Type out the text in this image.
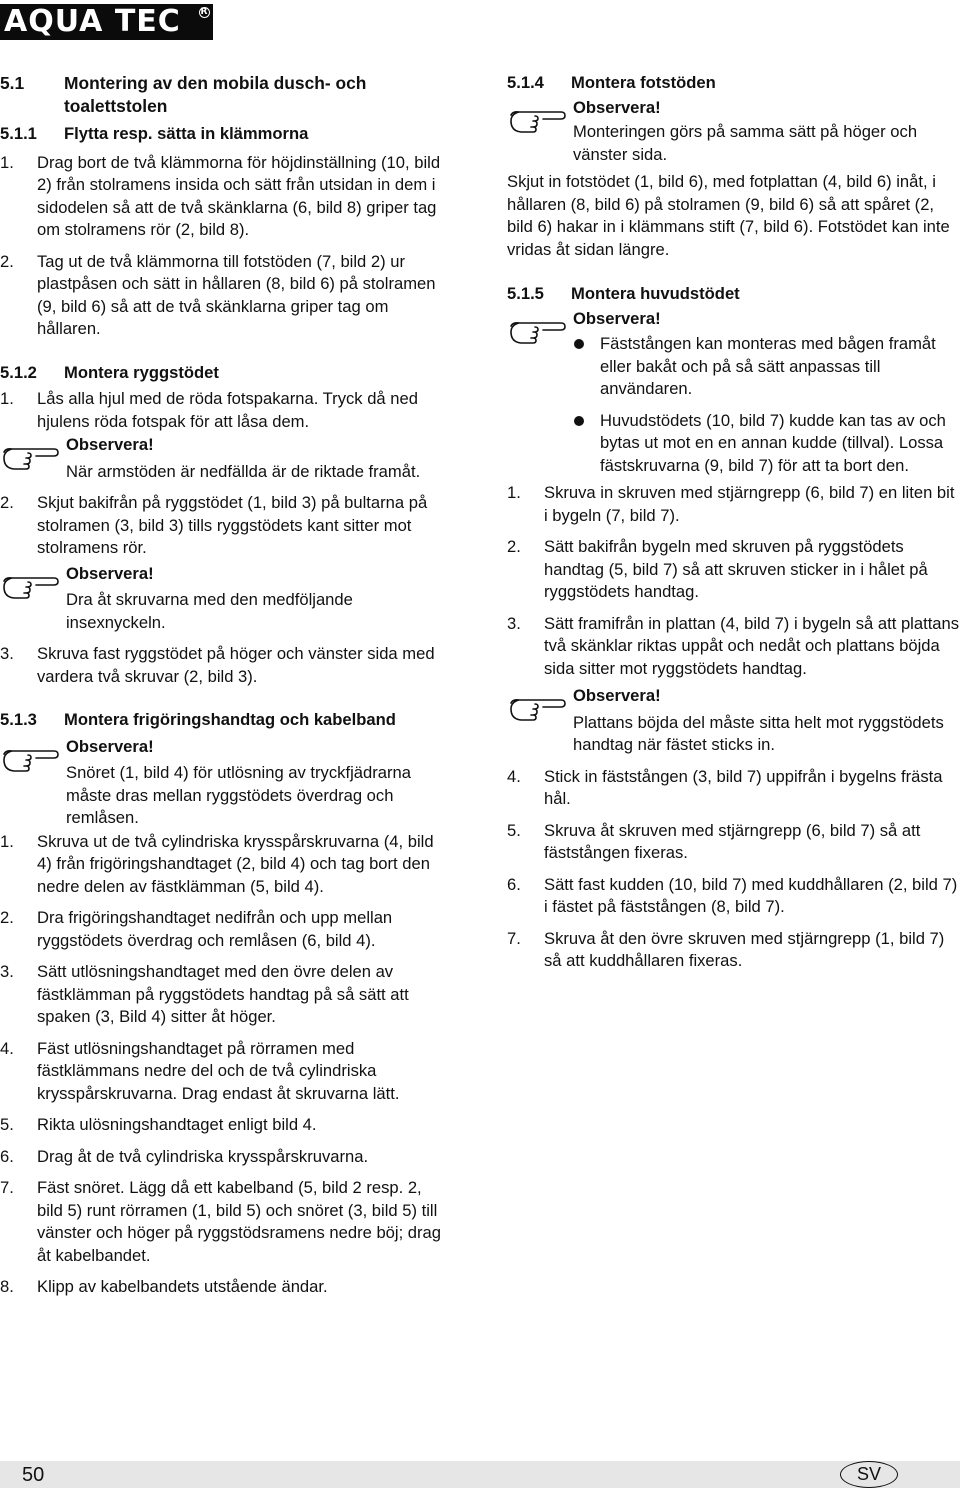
AQUA TEC R
5.1	Montering av den mobila dusch- och toalettstolen
5.1.1	Flytta resp. sätta in klämmorna
1.	Drag bort de två klämmorna för höjdinställning (10, bild 2) från stolramens insida och sätt från utsidan in dem i sidodelen så att de två skänklarna (6, bild 8) griper tag om stolramens rör (2, bild 8).
2.	Tag ut de två klämmorna till fotstöden (7, bild 2) ur plastpåsen och sätt in hållaren (8, bild 6) på stolramen (9, bild 6) så att de två skänklarna griper tag om hållaren.
5.1.2	Montera ryggstödet
1.	Lås alla hjul med de röda fotspakarna. Tryck då ned hjulens röda fotspak för att låsa dem.
Observera!
När armstöden är nedfällda är de riktade framåt.
2.	Skjut bakifrån på ryggstödet (1, bild 3) på bultarna på stolramen (3, bild 3) tills ryggstödets kant sitter mot stolramens rör.
Observera!
Dra åt skruvarna med den medföljande insexnyckeln.
3.	Skruva fast ryggstödet på höger och vänster sida med vardera två skruvar (2, bild 3).
5.1.3	Montera frigöringshandtag och kabelband
Observera!
Snöret (1, bild 4) för utlösning av tryckfjädrarna måste dras mellan ryggstödets överdrag och remlåsen.
1.	Skruva ut de två cylindriska krysspårskruvarna (4, bild 4) från frigöringshandtaget (2, bild 4) och tag bort den nedre delen av fästklämman (5, bild 4).
2.	Dra frigöringshandtaget nedifrån och upp mellan ryggstödets överdrag och remlåsen (6, bild 4).
3.	Sätt utlösningshandtaget med den övre delen av fästklämman på ryggstödets handtag på så sätt att spaken (3, Bild 4) sitter åt höger.
4.	Fäst utlösningshandtaget på rörramen med fästklämmans nedre del och de två cylindriska krysspårskruvarna. Drag endast åt skruvarna lätt.
5.	Rikta ulösningshandtaget enligt bild 4.
6.	Drag åt de två cylindriska krysspårskruvarna.
7.	Fäst snöret. Lägg då ett kabelband (5, bild 2 resp. 2, bild 5) runt rörramen (1, bild 5) och snöret (3, bild 5) till vänster och höger på ryggstödsramens nedre böj; drag åt kabelbandet.
8.	Klipp av kabelbandets utstående ändar.
5.1.4	Montera fotstöden
Observera!
Monteringen görs på samma sätt på höger och vänster sida.
Skjut in fotstödet (1, bild 6), med fotplattan (4, bild 6) inåt, i hållaren (8, bild 6) på stolramen (9, bild 6) så att spåret (2, bild 6) hakar in i klämmans stift (7, bild 6). Fotstödet kan inte vridas åt sidan längre.
5.1.5	Montera huvudstödet
Observera!
Fäststången kan monteras med bågen framåt eller bakåt och på så sätt anpassas till användaren.
Huvudstödets (10, bild 7) kudde kan tas av och bytas ut mot en en annan kudde (tillval). Lossa fästskruvarna (9, bild 7) för att ta bort den.
1.	Skruva in skruven med stjärngrepp (6, bild 7) en liten bit i bygeln (7, bild 7).
2.	Sätt bakifrån bygeln med skruven på ryggstödets handtag (5, bild 7) så att skruven sticker in i hålet på ryggstödets handtag.
3.	Sätt framifrån in plattan (4, bild 7) i bygeln så att plattans två skänklar riktas uppåt och nedåt och plattans böjda sida sitter mot ryggstödets handtag.
Observera!
Plattans böjda del måste sitta helt mot ryggstödets handtag när fästet sticks in.
4.	Stick in fäststången (3, bild 7) uppifrån i bygelns frästa hål.
5.	Skruva åt skruven med stjärngrepp (6, bild 7) så att fäststången fixeras.
6.	Sätt fast kudden (10, bild 7) med kuddhållaren (2, bild 7) i fästet på fäststången (8, bild 7).
7.	Skruva åt den övre skruven med stjärngrepp (1, bild 7) så att kuddhållaren fixeras.
50	SV
